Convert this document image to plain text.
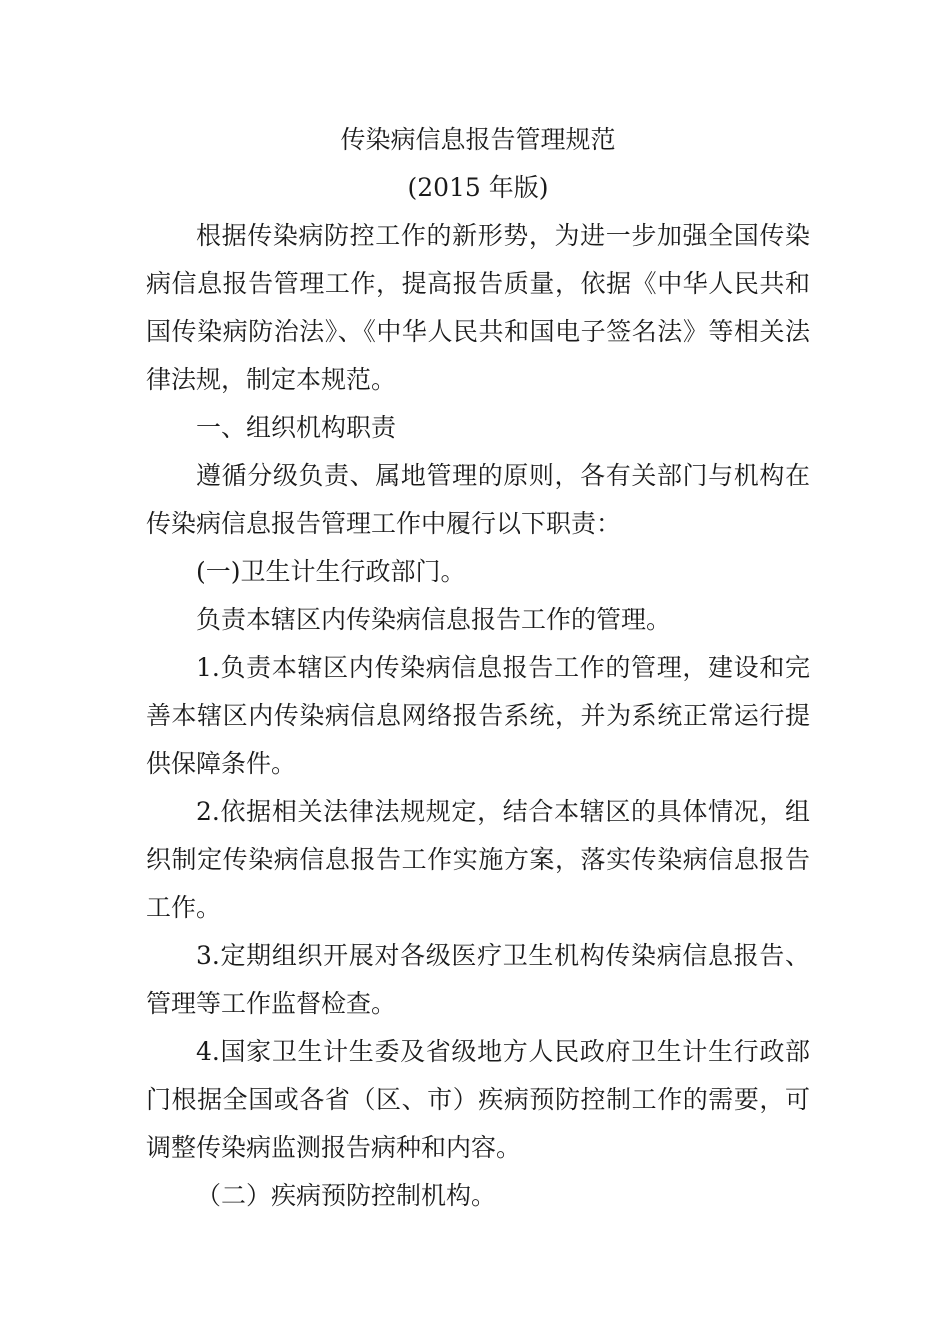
传染病信息报告管理规范
(2015 年版)

根据传染病防控工作的新形势，为进一步加强全国传染病信息报告管理工作，提高报告质量，依据《中华人民共和国传染病防治法》、《中华人民共和国电子签名法》等相关法律法规，制定本规范。

一、组织机构职责

遵循分级负责、属地管理的原则，各有关部门与机构在传染病信息报告管理工作中履行以下职责：

(一)卫生计生行政部门。

负责本辖区内传染病信息报告工作的管理。

1.负责本辖区内传染病信息报告工作的管理，建设和完善本辖区内传染病信息网络报告系统，并为系统正常运行提供保障条件。

2.依据相关法律法规规定，结合本辖区的具体情况，组织制定传染病信息报告工作实施方案，落实传染病信息报告工作。

3.定期组织开展对各级医疗卫生机构传染病信息报告、管理等工作监督检查。

4.国家卫生计生委及省级地方人民政府卫生计生行政部门根据全国或各省（区、市）疾病预防控制工作的需要，可调整传染病监测报告病种和内容。

（二）疾病预防控制机构。
